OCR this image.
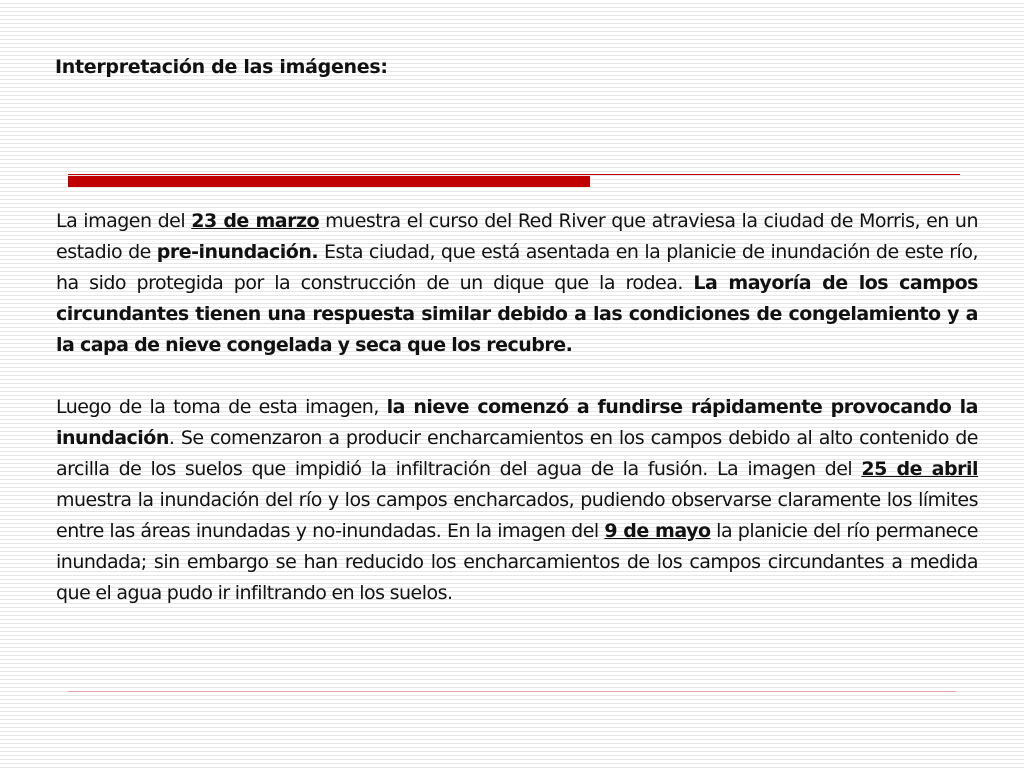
Interpretación de las imágenes:

La imagen del 23 de marzo muestra el curso del Red River que atraviesa la ciudad de Morris, en un estadio de pre-inundación. Esta ciudad, que está asentada en la planicie de inundación de este río, ha sido protegida por la construcción de un dique que la rodea. La mayoría de los campos circundantes tienen una respuesta similar debido a las condiciones de congelamiento y a la capa de nieve congelada y seca que los recubre.

Luego de la toma de esta imagen, la nieve comenzó a fundirse rápidamente provocando la inundación. Se comenzaron a producir encharcamientos en los campos debido al alto contenido de arcilla de los suelos que impidió la infiltración del agua de la fusión. La imagen del 25 de abril muestra la inundación del río y los campos encharcados, pudiendo observarse claramente los límites entre las áreas inundadas y no-inundadas. En la imagen del 9 de mayo la planicie del río permanece inundada; sin embargo se han reducido los encharcamientos de los campos circundantes a medida que el agua pudo ir infiltrando en los suelos.
